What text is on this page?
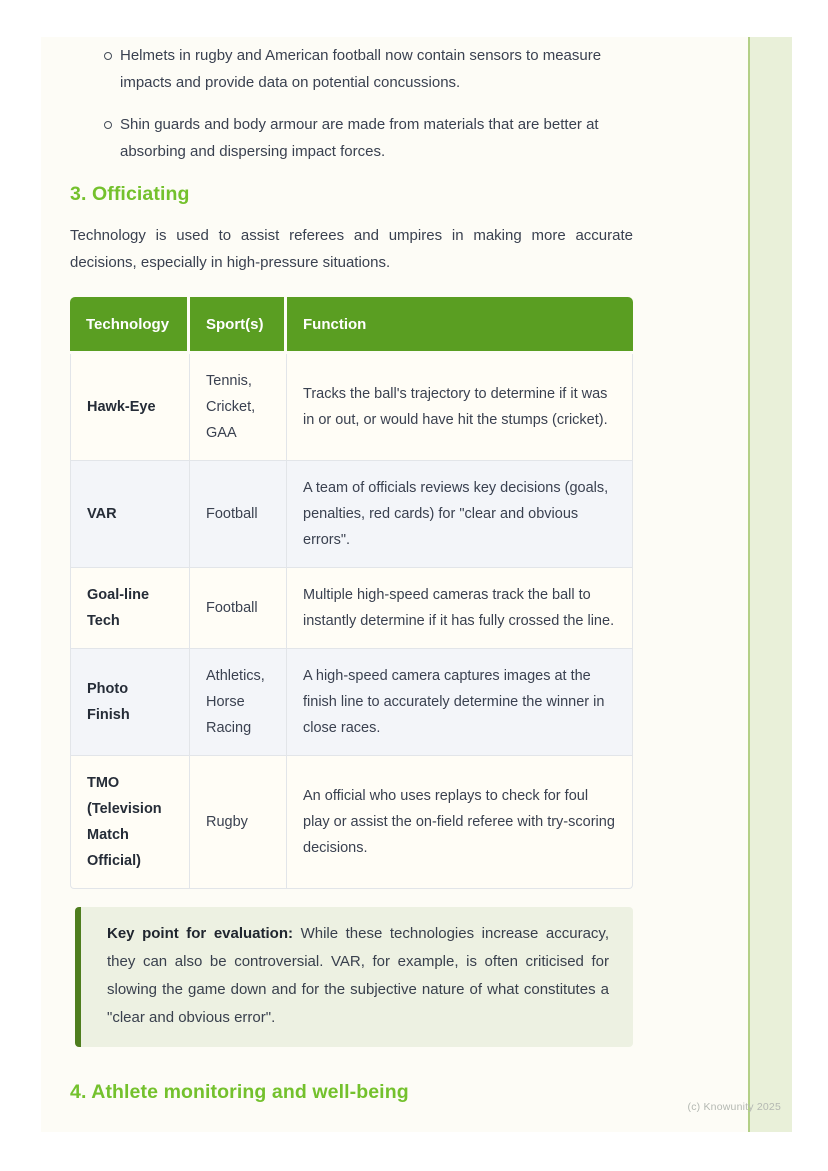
Helmets in rugby and American football now contain sensors to measure impacts and provide data on potential concussions.
Shin guards and body armour are made from materials that are better at absorbing and dispersing impact forces.
3. Officiating

Technology is used to assist referees and umpires in making more accurate decisions, especially in high-pressure situations.

Technology	Sport(s)	Function
Hawk-Eye	Tennis, Cricket, GAA	Tracks the ball's trajectory to determine if it was in or out, or would have hit the stumps (cricket).
VAR	Football	A team of officials reviews key decisions (goals, penalties, red cards) for "clear and obvious errors".
Goal-line Tech	Football	Multiple high-speed cameras track the ball to instantly determine if it has fully crossed the line.
Photo Finish	Athletics, Horse Racing	A high-speed camera captures images at the finish line to accurately determine the winner in close races.
TMO (Television Match Official)	Rugby	An official who uses replays to check for foul play or assist the on-field referee with try-scoring decisions.
Key point for evaluation: While these technologies increase accuracy, they can also be controversial. VAR, for example, is often criticised for slowing the game down and for the subjective nature of what constitutes a "clear and obvious error".
4. Athlete monitoring and well-being
(c) Knowunity 2025
